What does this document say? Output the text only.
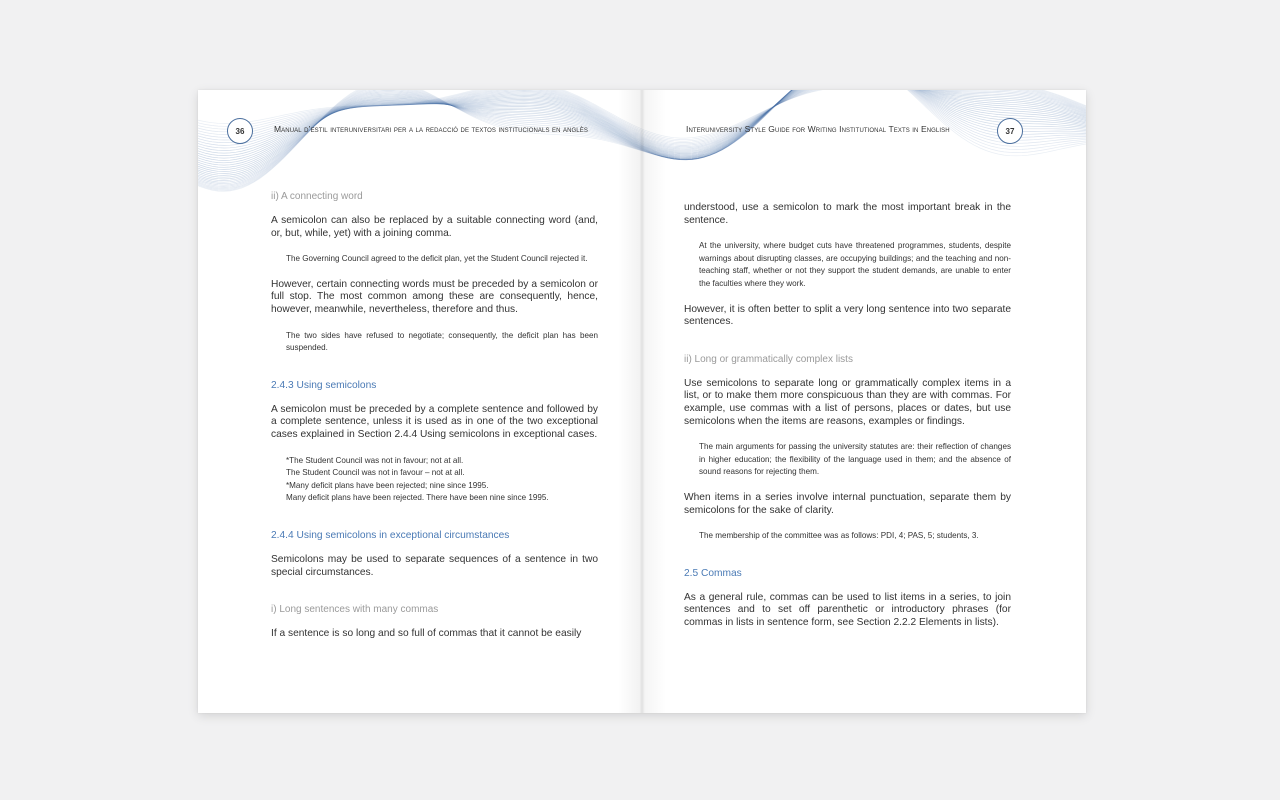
36	Manual d’estil interuniversitari per a la redacció de textos institucionals en anglès
ii) A connecting word

A semicolon can also be replaced by a suitable connecting word (and, or, but, while, yet) with a joining comma.

The Governing Council agreed to the deficit plan, yet the Student Council rejected it.

However, certain connecting words must be preceded by a semicolon or full stop. The most common among these are consequently, hence, however, meanwhile, nevertheless, therefore and thus.

The two sides have refused to negotiate; consequently, the deficit plan has been suspended.
2.4.3 Using semicolons

A semicolon must be preceded by a complete sentence and followed by a complete sentence, unless it is used as in one of the two exceptional cases explained in Section 2.4.4 Using semicolons in exceptional cases.

*The Student Council was not in favour; not at all.
The Student Council was not in favour – not at all.
*Many deficit plans have been rejected; nine since 1995.
Many deficit plans have been rejected. There have been nine since 1995.
2.4.4 Using semicolons in exceptional circumstances

Semicolons may be used to separate sequences of a sentence in two special circumstances.

i) Long sentences with many commas

If a sentence is so long and so full of commas that it cannot be easily

Interuniversity Style Guide for Writing Institutional Texts in English	37

understood, use a semicolon to mark the most important break in the sentence.

At the university, where budget cuts have threatened programmes, students, despite warnings about disrupting classes, are occupying buildings; and the teaching and non-teaching staff, whether or not they support the student demands, are unable to enter the faculties where they work.

However, it is often better to split a very long sentence into two separate sentences.

ii) Long or grammatically complex lists

Use semicolons to separate long or grammatically complex items in a list, or to make them more conspicuous than they are with commas. For example, use commas with a list of persons, places or dates, but use semicolons when the items are reasons, examples or findings.

The main arguments for passing the university statutes are: their reflection of changes in higher education; the flexibility of the language used in them; and the absence of sound reasons for rejecting them.

When items in a series involve internal punctuation, separate them by semicolons for the sake of clarity.

The membership of the committee was as follows: PDI, 4; PAS, 5; students, 3.
2.5 Commas

As a general rule, commas can be used to list items in a series, to join sentences and to set off parenthetic or introductory phrases (for commas in lists in sentence form, see Section 2.2.2 Elements in lists).
